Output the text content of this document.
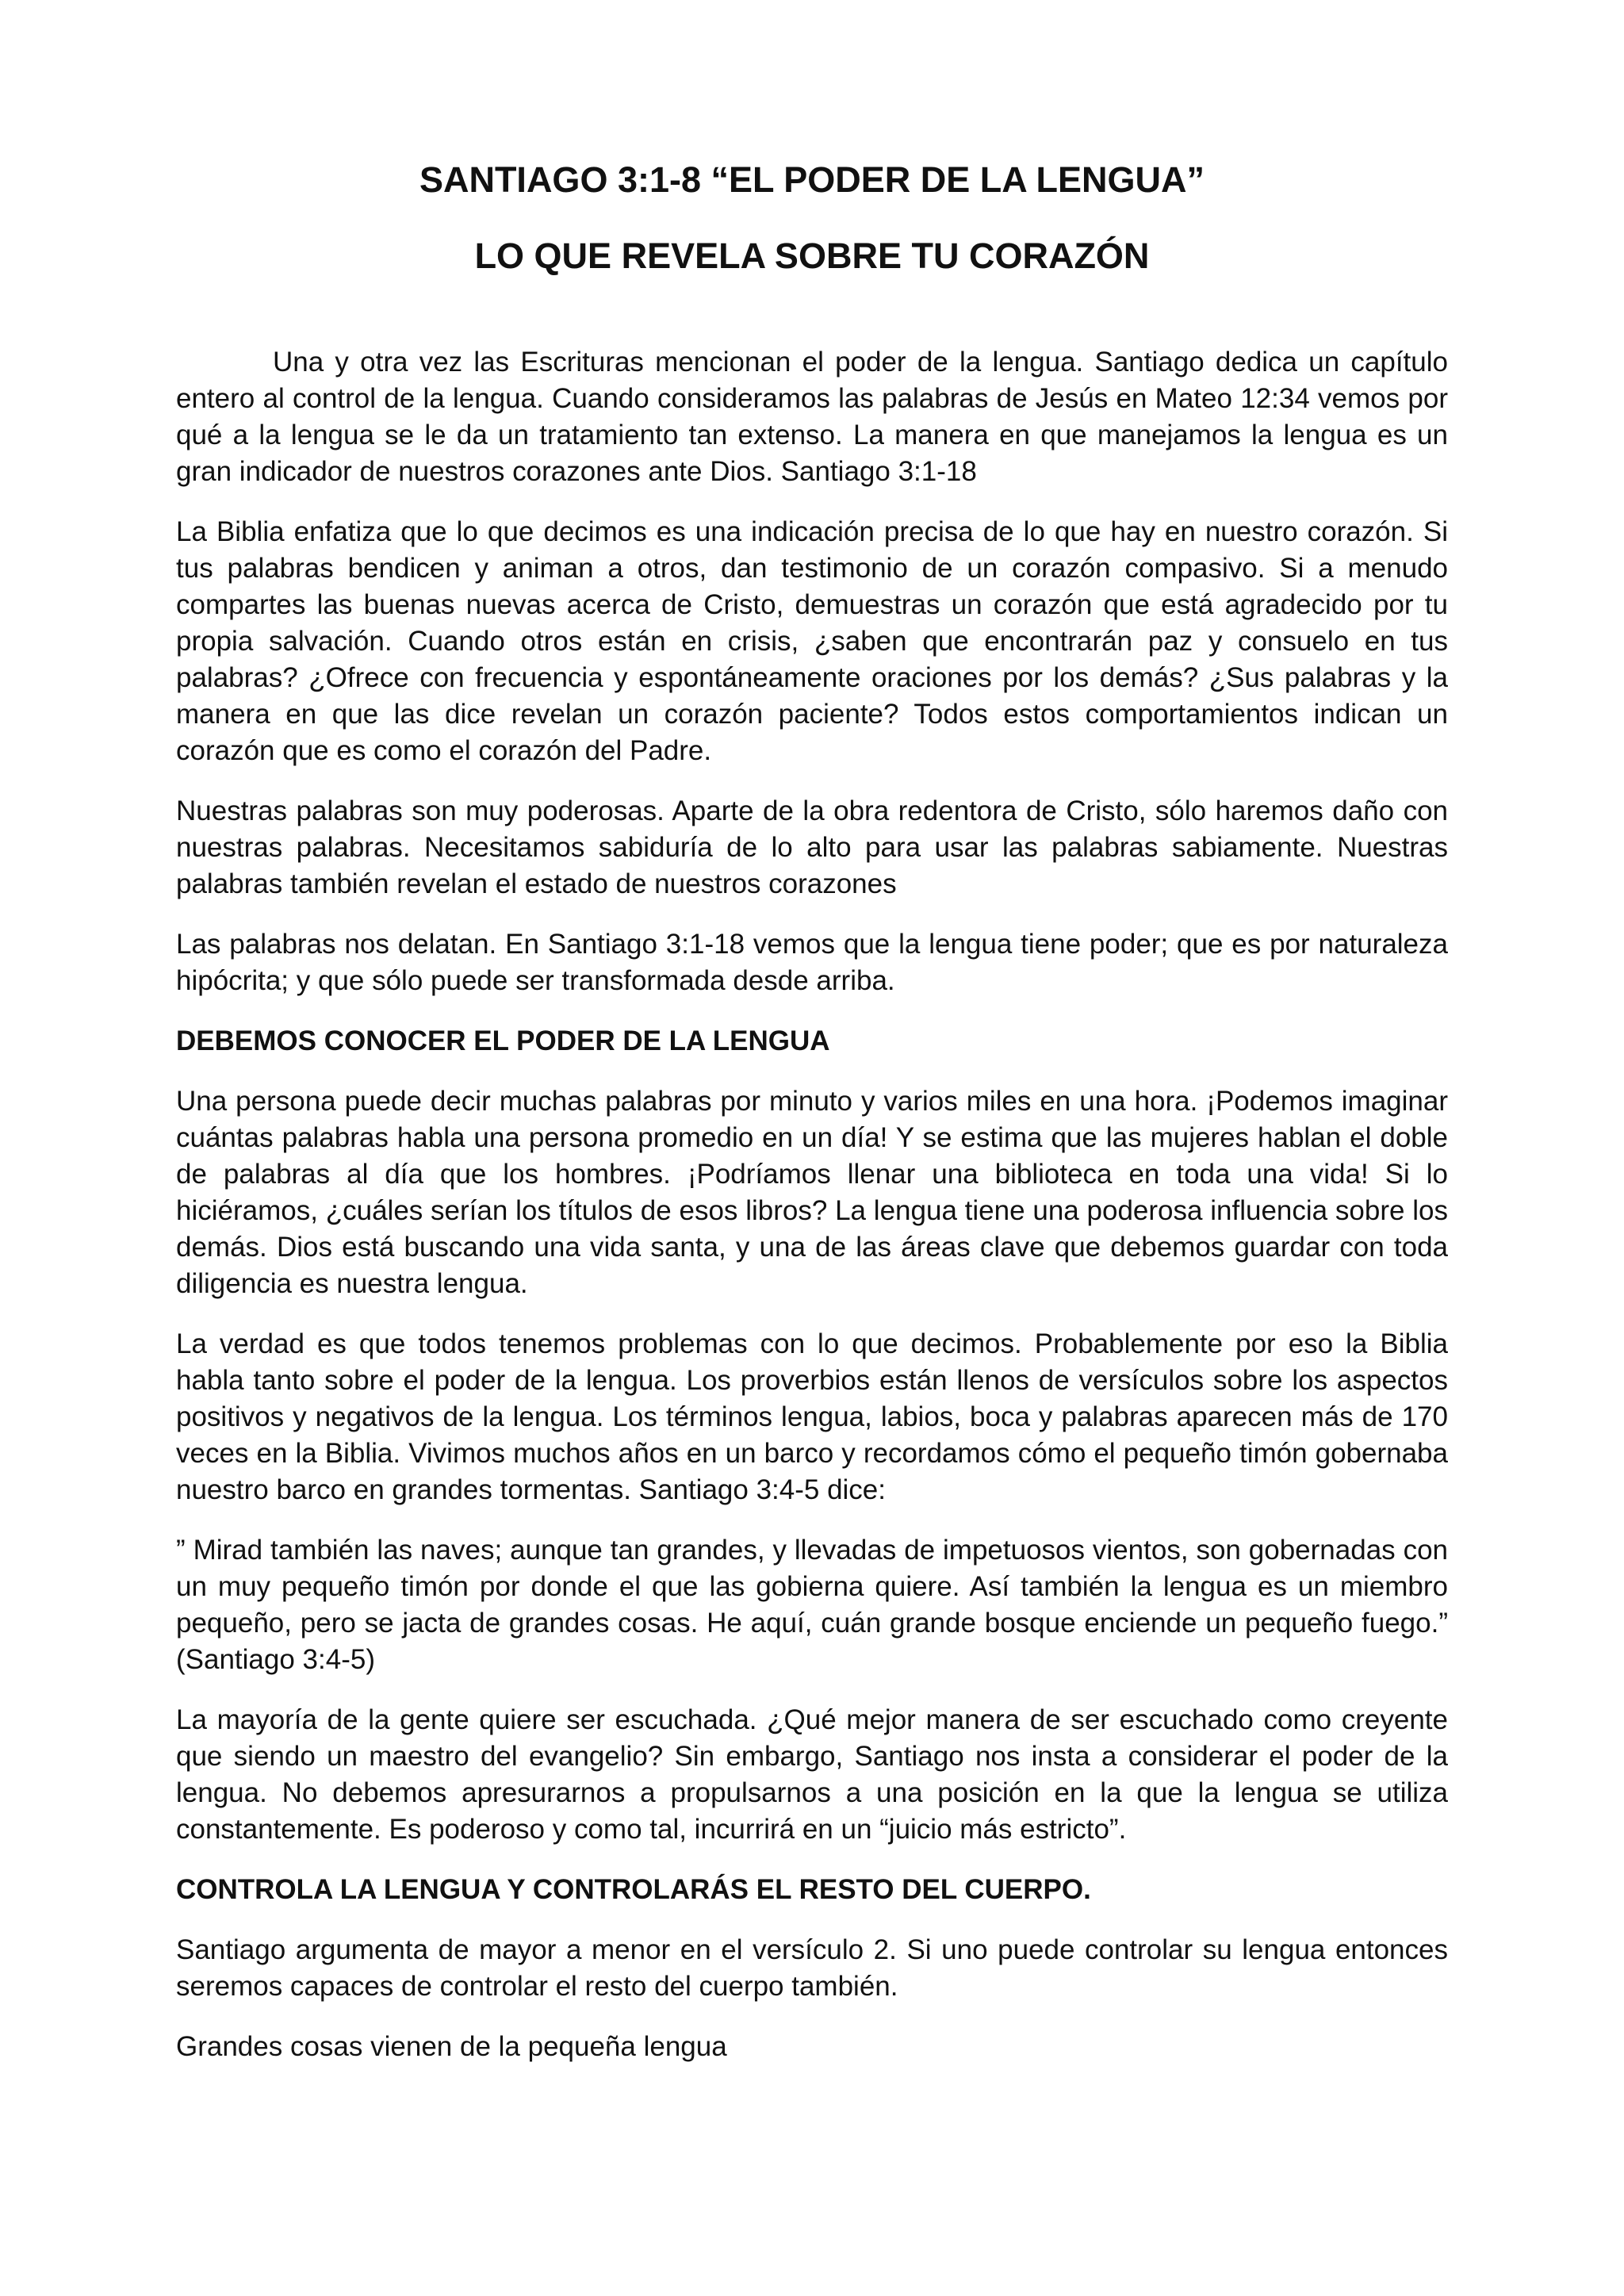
SANTIAGO 3:1-8 “EL PODER DE LA LENGUA”
LO QUE REVELA SOBRE TU CORAZÓN

Una y otra vez las Escrituras mencionan el poder de la lengua. Santiago dedica un capítulo entero al control de la lengua. Cuando consideramos las palabras de Jesús en Mateo 12:34 vemos por qué a la lengua se le da un tratamiento tan extenso. La manera en que manejamos la lengua es un gran indicador de nuestros corazones ante Dios. Santiago 3:1-18

La Biblia enfatiza que lo que decimos es una indicación precisa de lo que hay en nuestro corazón. Si tus palabras bendicen y animan a otros, dan testimonio de un corazón compasivo. Si a menudo compartes las buenas nuevas acerca de Cristo, demuestras un corazón que está agradecido por tu propia salvación. Cuando otros están en crisis, ¿saben que encontrarán paz y consuelo en tus palabras? ¿Ofrece con frecuencia y espontáneamente oraciones por los demás? ¿Sus palabras y la manera en que las dice revelan un corazón paciente? Todos estos comportamientos indican un corazón que es como el corazón del Padre.

Nuestras palabras son muy poderosas. Aparte de la obra redentora de Cristo, sólo haremos daño con nuestras palabras. Necesitamos sabiduría de lo alto para usar las palabras sabiamente. Nuestras palabras también revelan el estado de nuestros corazones

Las palabras nos delatan. En Santiago 3:1-18 vemos que la lengua tiene poder; que es por naturaleza hipócrita; y que sólo puede ser transformada desde arriba.

DEBEMOS CONOCER EL PODER DE LA LENGUA

Una persona puede decir muchas palabras por minuto y varios miles en una hora. ¡Podemos imaginar cuántas palabras habla una persona promedio en un día! Y se estima que las mujeres hablan el doble de palabras al día que los hombres. ¡Podríamos llenar una biblioteca en toda una vida! Si lo hiciéramos, ¿cuáles serían los títulos de esos libros? La lengua tiene una poderosa influencia sobre los demás. Dios está buscando una vida santa, y una de las áreas clave que debemos guardar con toda diligencia es nuestra lengua.

La verdad es que todos tenemos problemas con lo que decimos. Probablemente por eso la Biblia habla tanto sobre el poder de la lengua. Los proverbios están llenos de versículos sobre los aspectos positivos y negativos de la lengua. Los términos lengua, labios, boca y palabras aparecen más de 170 veces en la Biblia. Vivimos muchos años en un barco y recordamos cómo el pequeño timón gobernaba nuestro barco en grandes tormentas. Santiago 3:4-5 dice:

” Mirad también las naves; aunque tan grandes, y llevadas de impetuosos vientos, son gobernadas con un muy pequeño timón por donde el que las gobierna quiere. Así también la lengua es un miembro pequeño, pero se jacta de grandes cosas. He aquí, cuán grande bosque enciende un pequeño fuego.” (Santiago 3:4-5)

La mayoría de la gente quiere ser escuchada. ¿Qué mejor manera de ser escuchado como creyente que siendo un maestro del evangelio? Sin embargo, Santiago nos insta a considerar el poder de la lengua. No debemos apresurarnos a propulsarnos a una posición en la que la lengua se utiliza constantemente. Es poderoso y como tal, incurrirá en un “juicio más estricto”.

CONTROLA LA LENGUA Y CONTROLARÁS EL RESTO DEL CUERPO.

Santiago argumenta de mayor a menor en el versículo 2. Si uno puede controlar su lengua entonces seremos capaces de controlar el resto del cuerpo también.

Grandes cosas vienen de la pequeña lengua
